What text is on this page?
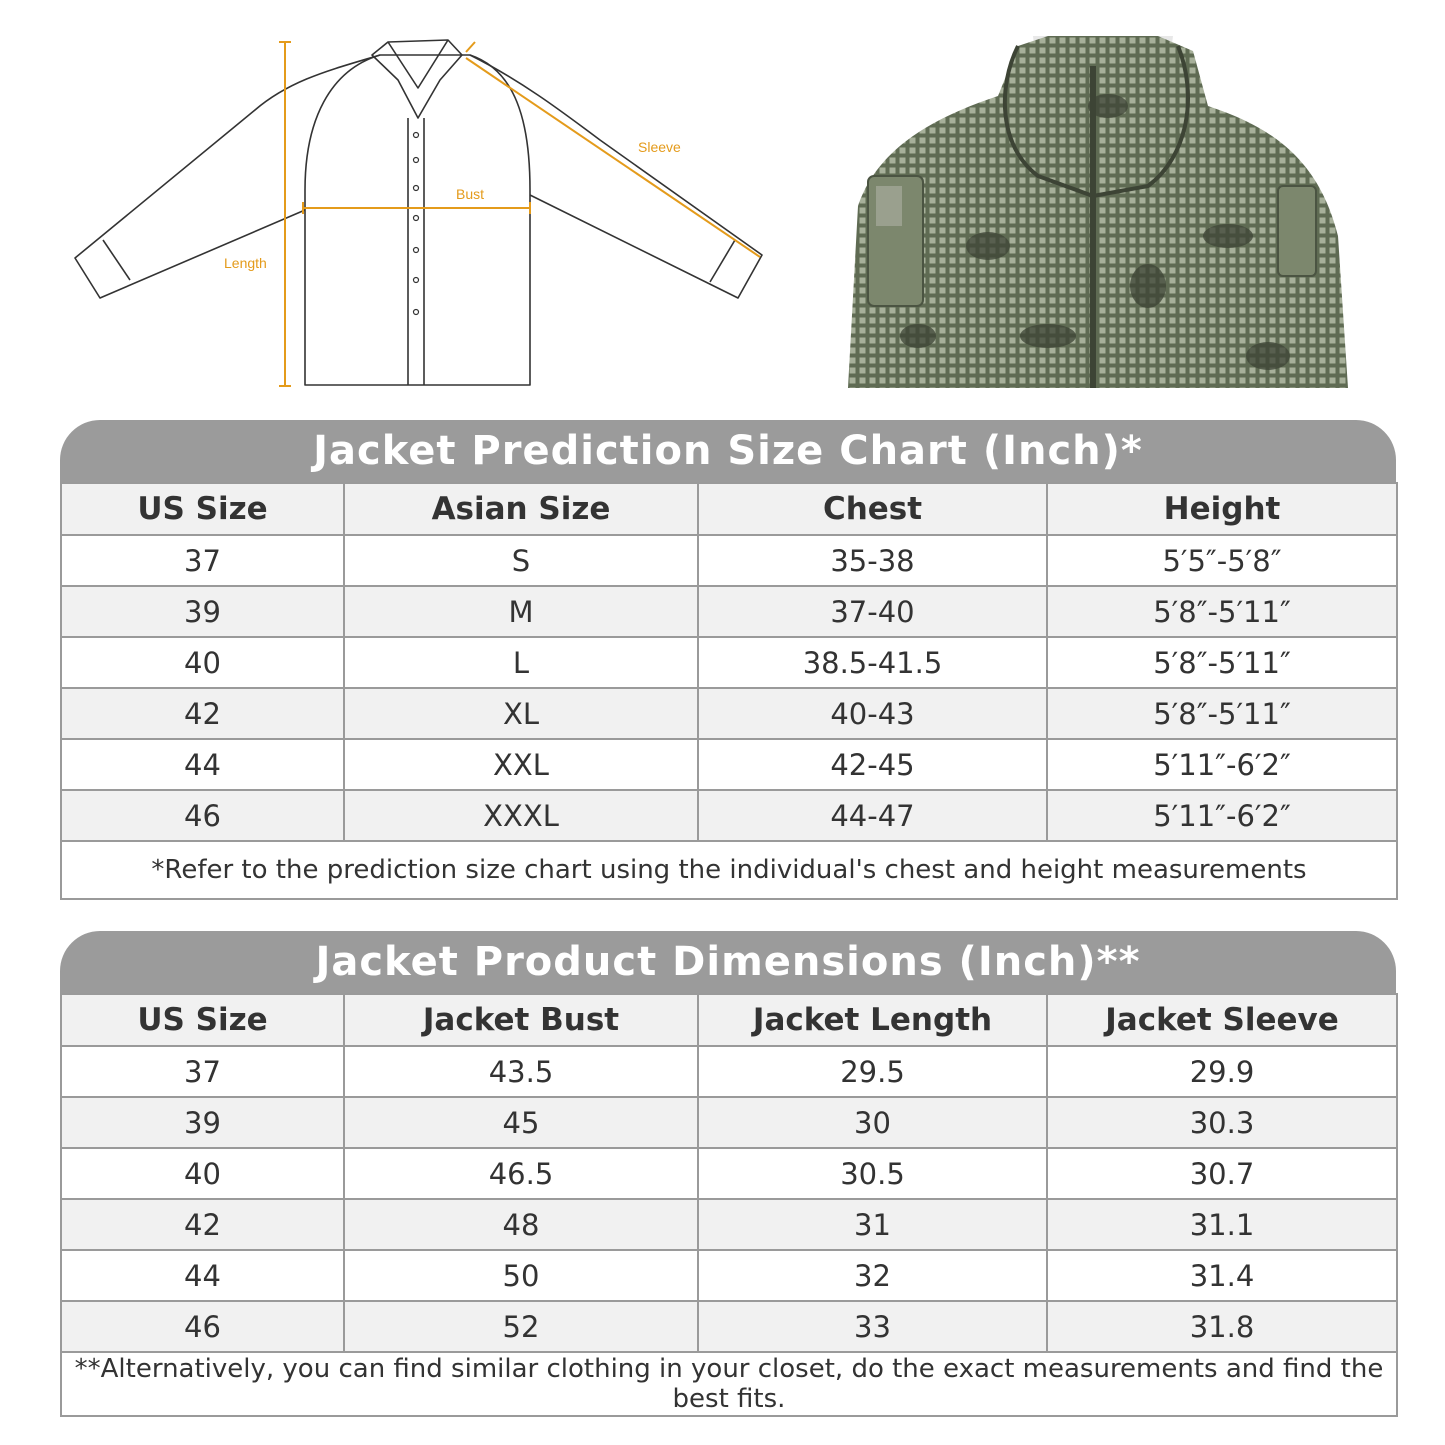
Length
Bust
Sleeve
Jacket Prediction Size Chart (Inch)*
US Size	Asian Size	Chest	Height
37	S	35-38	5′5″-5′8″
39	M	37-40	5′8″-5′11″
40	L	38.5-41.5	5′8″-5′11″
42	XL	40-43	5′8″-5′11″
44	XXL	42-45	5′11″-6′2″
46	XXXL	44-47	5′11″-6′2″
*Refer to the prediction size chart using the individual's chest and height measurements			
Jacket Product Dimensions (Inch)**
US Size	Jacket Bust	Jacket Length	Jacket Sleeve
37	43.5	29.5	29.9
39	45	30	30.3
40	46.5	30.5	30.7
42	48	31	31.1
44	50	32	31.4
46	52	33	31.8
**Alternatively, you can find similar clothing in your closet, do the exact measurements and find the best fits.			
